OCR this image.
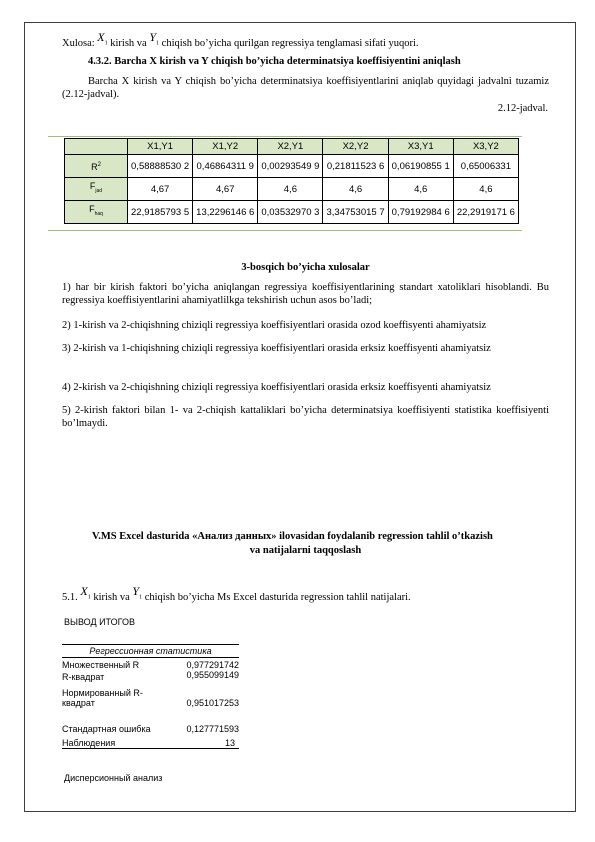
Xulosa: $X_1$ kirish va $Y_1$ chiqish bo’yicha qurilgan regressiya tenglamasi sifati yuqori.
4.3.2. Barcha X kirish va Y chiqish bo’yicha determinatsiya koeffisiyentini aniqlash
Barcha X kirish va Y chiqish bo’yicha determinatsiya koeffisiyentlarini aniqlab quyidagi jadvalni tuzamiz (2.12-jadval).
2.12-jadval.
	X1,Y1	X1,Y2	X2,Y1	X2,Y2	X3,Y1	X3,Y2
$R^2$	0,58888530 2	0,46864311 9	0,00293549 9	0,21811523 6	0,06190855 1	0,65006331
$F_{jad}$	4,67	4,67	4,6	4,6	4,6	4,6
$F_{haq}$	22,9185793 5	13,2296146 6	0,03532970 3	3,34753015 7	0,79192984 6	22,2919171 6
3-bosqich bo’yicha xulosalar
1) har bir kirish faktori bo’yicha aniqlangan regressiya koeffisiyentlarining standart xatoliklari hisoblandi. Bu regressiya koeffisiyentlarini ahamiyatlilkga tekshirish uchun asos bo’ladi;
2) 1-kirish va 2-chiqishning chiziqli regressiya koeffisiyentlari orasida ozod koeffisyenti ahamiyatsiz
3) 2-kirish va 1-chiqishning chiziqli regressiya koeffisiyentlari orasida erksiz koeffisyenti ahamiyatsiz
4) 2-kirish va 2-chiqishning chiziqli regressiya koeffisiyentlari orasida erksiz koeffisyenti ahamiyatsiz
5) 2-kirish faktori bilan 1- va 2-chiqish kattaliklari bo’yicha determinatsiya koeffisiyenti statistika koeffisiyenti bo’lmaydi.
V.MS Excel dasturida «Анализ данных» ilovasidan foydalanib regression tahlil o’tkazish
va natijalarni taqqoslash
5.1. $X_1$ kirish va $Y_1$ chiqish bo’yicha Ms Excel dasturida regression tahlil natijalari.
ВЫВОД ИТОГОВ
Регрессионная статистика
Множественный R	0,977291742
R-квадрат	0,955099149
Нормированный R-квадрат	0,951017253
Стандартная ошибка	0,127771593
Наблюдения	13
Дисперсионный анализ
